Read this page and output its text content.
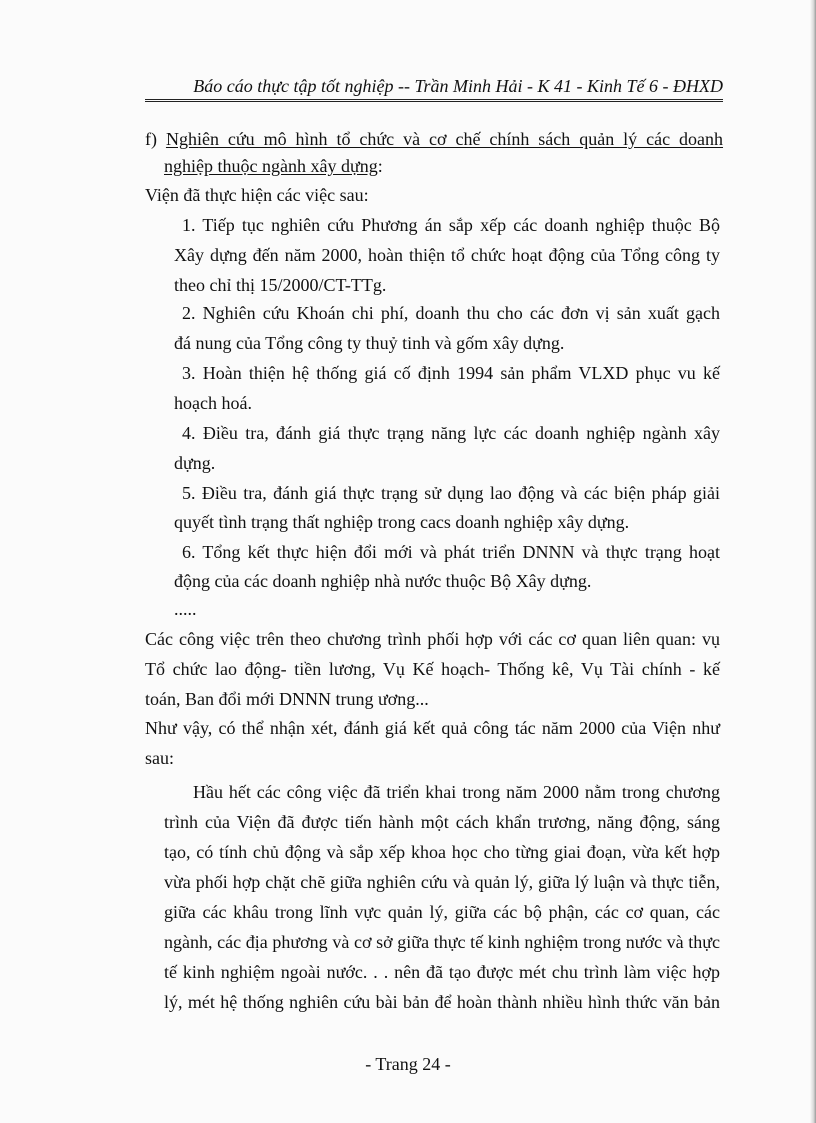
Báo cáo thực tập tốt nghiệp -- Trần Minh Hải - K 41 - Kinh Tế 6 - ĐHXD
f) Nghiên cứu mô hình tổ chức và cơ chế chính sách quản lý các doanh
nghiệp thuộc ngành xây dựng:
Viện đã thực hiện các việc sau:
1. Tiếp tục nghiên cứu Phương án sắp xếp các doanh nghiệp thuộc Bộ
Xây dựng đến năm 2000, hoàn thiện tổ chức hoạt động của Tổng công ty
theo chỉ thị 15/2000/CT-TTg.
2. Nghiên cứu Khoán chi phí, doanh thu cho các đơn vị sản xuất gạch
đá nung của Tổng công ty thuỷ tinh và gốm xây dựng.
3. Hoàn thiện hệ thống giá cố định 1994 sản phẩm VLXD phục vu kế
hoạch hoá.
4. Điều tra, đánh giá thực trạng năng lực các doanh nghiệp ngành xây
dựng.
5. Điều tra, đánh giá thực trạng sử dụng lao động và các biện pháp giải
quyết tình trạng thất nghiệp trong cacs doanh nghiệp xây dựng.
6. Tổng kết thực hiện đổi mới và phát triển DNNN và thực trạng hoạt
động của các doanh nghiệp nhà nước thuộc Bộ Xây dựng.
.....
Các công việc trên theo chương trình phối hợp với các cơ quan liên quan: vụ
Tổ chức lao động- tiền lương, Vụ Kế hoạch- Thống kê, Vụ Tài chính - kế
toán, Ban đổi mới DNNN trung ương...
Như vậy, có thể nhận xét, đánh giá kết quả công tác năm 2000 của Viện như
sau:
Hầu hết các công việc đã triển khai trong năm 2000 nằm trong chương
trình của Viện đã được tiến hành một cách khẩn trương, năng động, sáng
tạo, có tính chủ động và sắp xếp khoa học cho từng giai đoạn, vừa kết hợp
vừa phối hợp chặt chẽ giữa nghiên cứu và quản lý, giữa lý luận và thực tiễn,
giữa các khâu trong lĩnh vực quản lý, giữa các bộ phận, các cơ quan, các
ngành, các địa phương và cơ sở giữa thực tế kinh nghiệm trong nước và thực
tế kinh nghiệm ngoài nước. . . nên đã tạo được mét chu trình làm việc hợp
lý, mét hệ thống nghiên cứu bài bản để hoàn thành nhiều hình thức văn bản
- Trang 24 -
